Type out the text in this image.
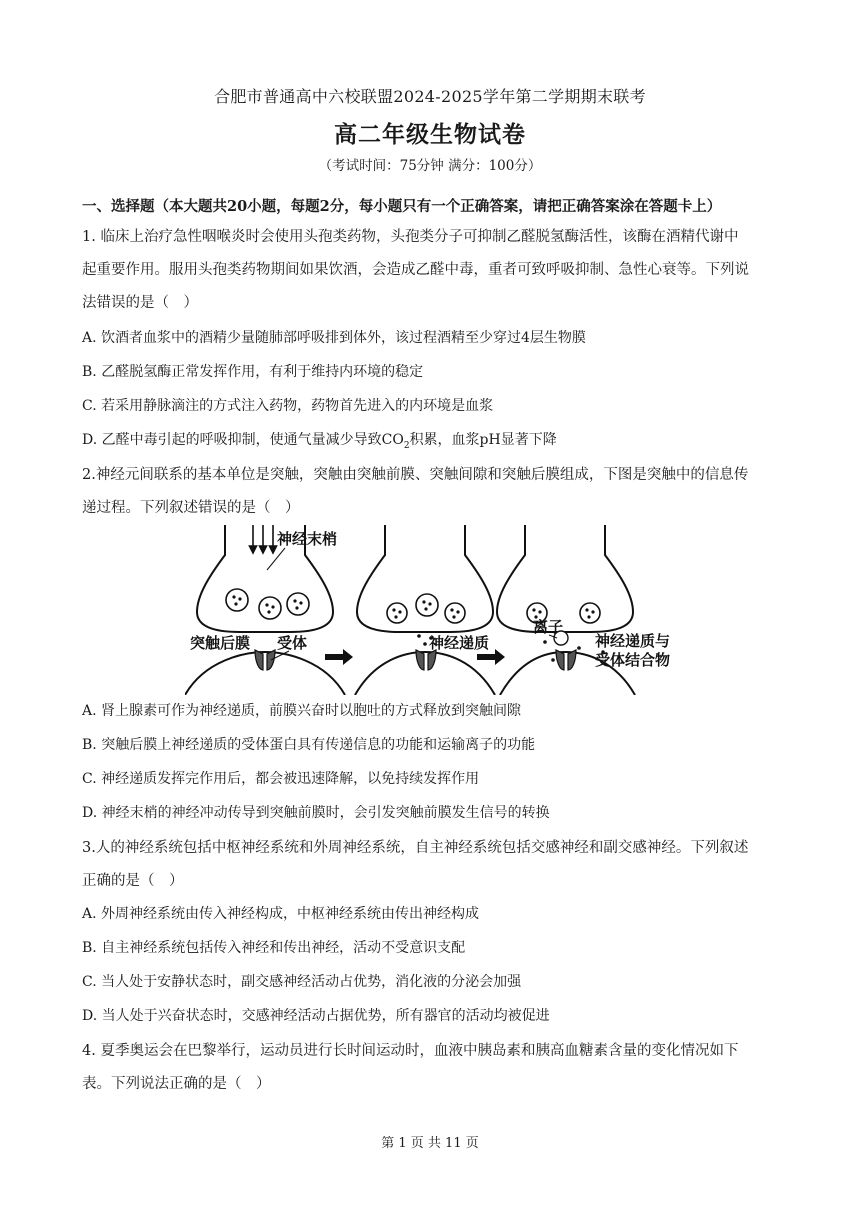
合肥市普通高中六校联盟2024-2025学年第二学期期末联考
高二年级生物试卷
（考试时间：75分钟 满分：100分）
一、选择题（本大题共20小题，每题2分，每小题只有一个正确答案，请把正确答案涂在答题卡上）
1. 临床上治疗急性咽喉炎时会使用头孢类药物，头孢类分子可抑制乙醛脱氢酶活性，该酶在酒精代谢中
起重要作用。服用头孢类药物期间如果饮酒，会造成乙醛中毒，重者可致呼吸抑制、急性心衰等。下列说
法错误的是（　）
A. 饮酒者血浆中的酒精少量随肺部呼吸排到体外，该过程酒精至少穿过4层生物膜
B. 乙醛脱氢酶正常发挥作用，有利于维持内环境的稳定
C. 若采用静脉滴注的方式注入药物，药物首先进入的内环境是血浆
D. 乙醛中毒引起的呼吸抑制，使通气量减少导致$CO_2$积累，血浆pH显著下降
2.神经元间联系的基本单位是突触，突触由突触前膜、突触间隙和突触后膜组成，下图是突触中的信息传
递过程。下列叙述错误的是（　）
神经末梢
突触后膜 受体	神经递质
离子
神经递质与
受体结合物
A. 肾上腺素可作为神经递质，前膜兴奋时以胞吐的方式释放到突触间隙
B. 突触后膜上神经递质的受体蛋白具有传递信息的功能和运输离子的功能
C. 神经递质发挥完作用后，都会被迅速降解，以免持续发挥作用
D. 神经末梢的神经冲动传导到突触前膜时，会引发突触前膜发生信号的转换
3.人的神经系统包括中枢神经系统和外周神经系统，自主神经系统包括交感神经和副交感神经。下列叙述
正确的是（　）
A. 外周神经系统由传入神经构成，中枢神经系统由传出神经构成
B. 自主神经系统包括传入神经和传出神经，活动不受意识支配
C. 当人处于安静状态时，副交感神经活动占优势，消化液的分泌会加强
D. 当人处于兴奋状态时，交感神经活动占据优势，所有器官的活动均被促进
4. 夏季奥运会在巴黎举行，运动员进行长时间运动时，血液中胰岛素和胰高血糖素含量的变化情况如下
表。下列说法正确的是（　）
第 1 页 共 11 页
